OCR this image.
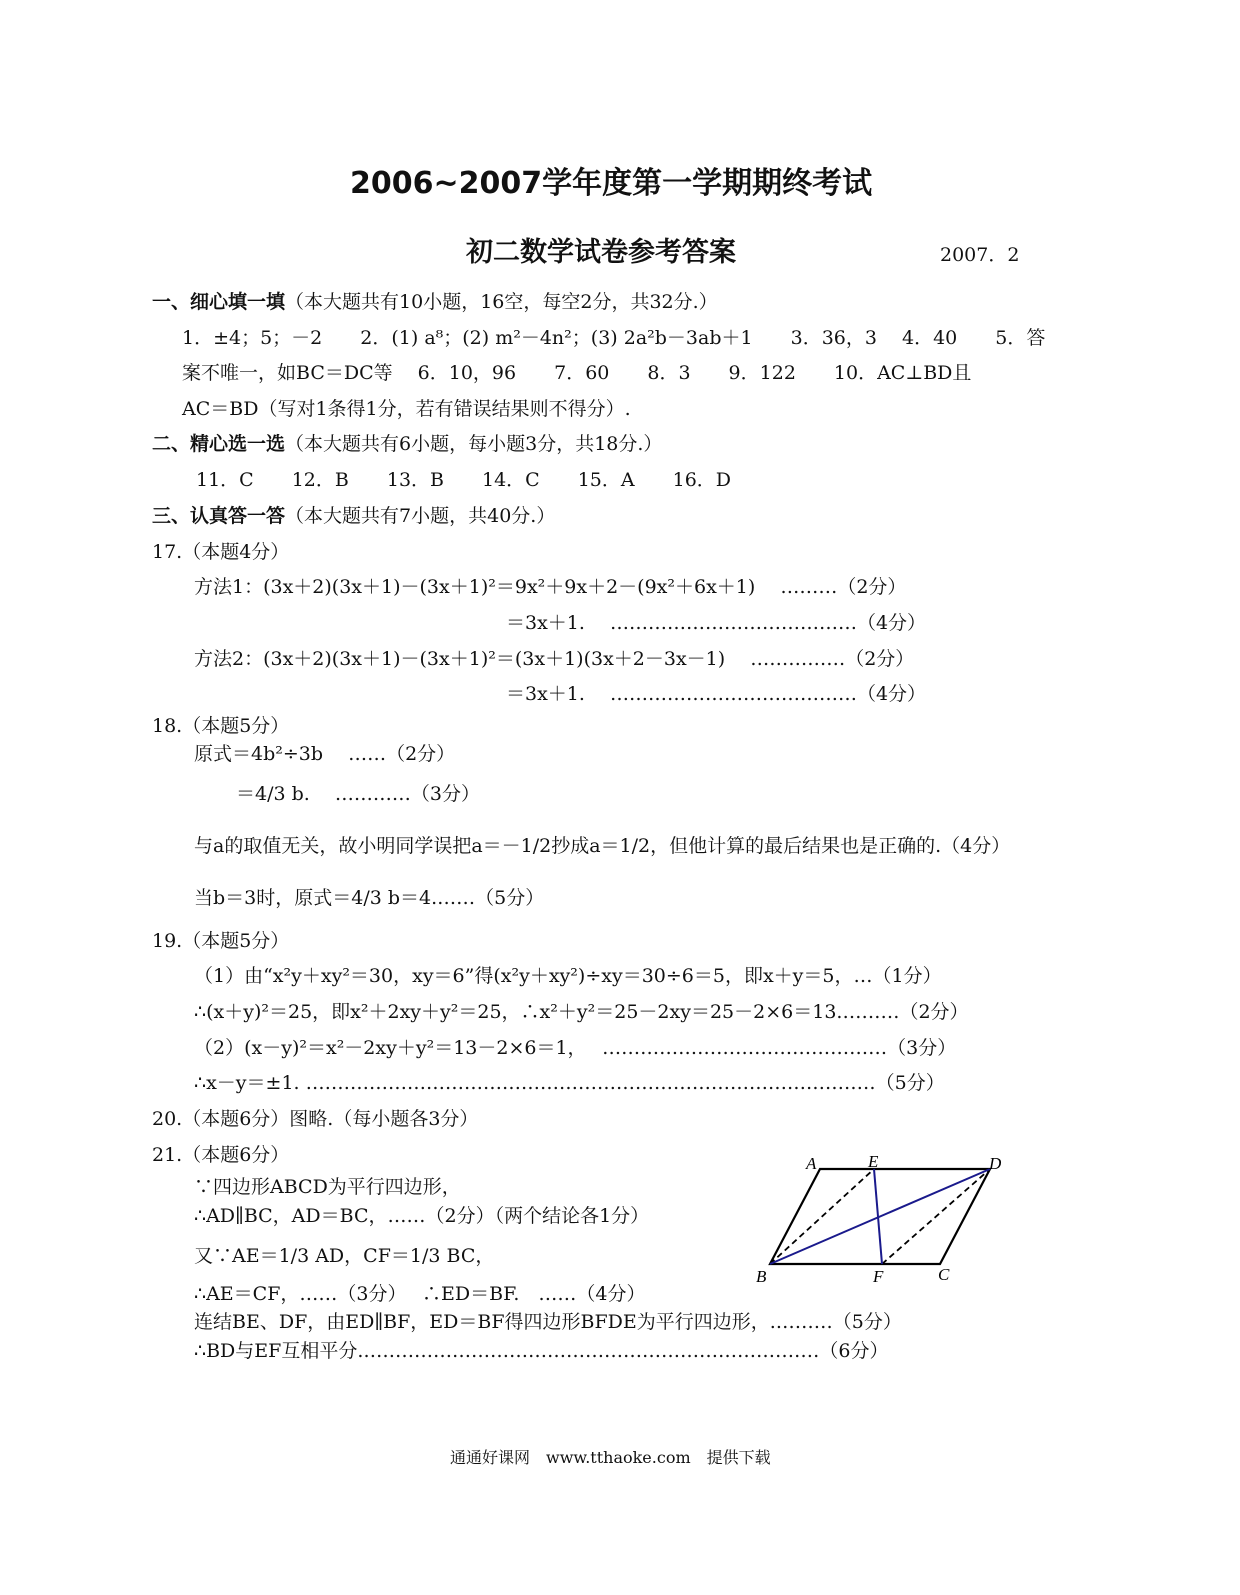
2006~2007学年度第一学期期终考试
初二数学试卷参考答案	2007．2
一、细心填一填（本大题共有10小题，16空，每空2分，共32分.）
1．±4；5；－2　　2．(1) a⁸；(2) m²－4n²；(3) 2a²b－3ab＋1　　3．36，3　 4．40　　5．答
案不唯一，如BC＝DC等　 6．10，96　　7．60　　8．3　　9．122　　10．AC⊥BD且
AC＝BD（写对1条得1分，若有错误结果则不得分）.
二、精心选一选（本大题共有6小题，每小题3分，共18分.）
11．C　　12．B　　13．B　　14．C　　15．A　　16．D
三、认真答一答（本大题共有7小题，共40分.）
17.（本题4分）
方法1：(3x＋2)(3x＋1)－(3x＋1)²＝9x²＋9x＋2－(9x²＋6x＋1)　 ………（2分）
＝3x＋1.　 …………………………………（4分）
方法2：(3x＋2)(3x＋1)－(3x＋1)²＝(3x＋1)(3x＋2－3x－1)　 ……………（2分）
＝3x＋1.　 …………………………………（4分）
18.（本题5分）
原式＝4b²÷3b　 ……（2分）
＝4/3 b.　 …………（3分）
与a的取值无关，故小明同学误把a＝－1/2抄成a＝1/2，但他计算的最后结果也是正确的.（4分）
当b＝3时，原式＝4/3 b＝4.……（5分）
19.（本题5分）
（1）由“x²y＋xy²＝30，xy＝6”得(x²y＋xy²)÷xy＝30÷6＝5，即x＋y＝5，…（1分）
∴(x＋y)²＝25，即x²＋2xy＋y²＝25，∴x²＋y²＝25－2xy＝25－2×6＝13.………（2分）
（2）(x－y)²＝x²－2xy＋y²＝13－2×6＝1，　 ………………………………………（3分）
∴x－y＝±1. ………………………………………………………………………………（5分）
20.（本题6分）图略.（每小题各3分）
21.（本题6分）
∵四边形ABCD为平行四边形，
∴AD∥BC，AD＝BC，……（2分）（两个结论各1分）
又∵AE＝1/3 AD，CF＝1/3 BC，
∴AE＝CF，……（3分）　 ∴ED＝BF.　……（4分）
连结BE、DF，由ED∥BF，ED＝BF得四边形BFDE为平行四边形，.………（5分）
∴BD与EF互相平分.………………………………………………………………（6分）
A	E	D
B	F	C
通通好课网　www.tthaoke.com　提供下载
